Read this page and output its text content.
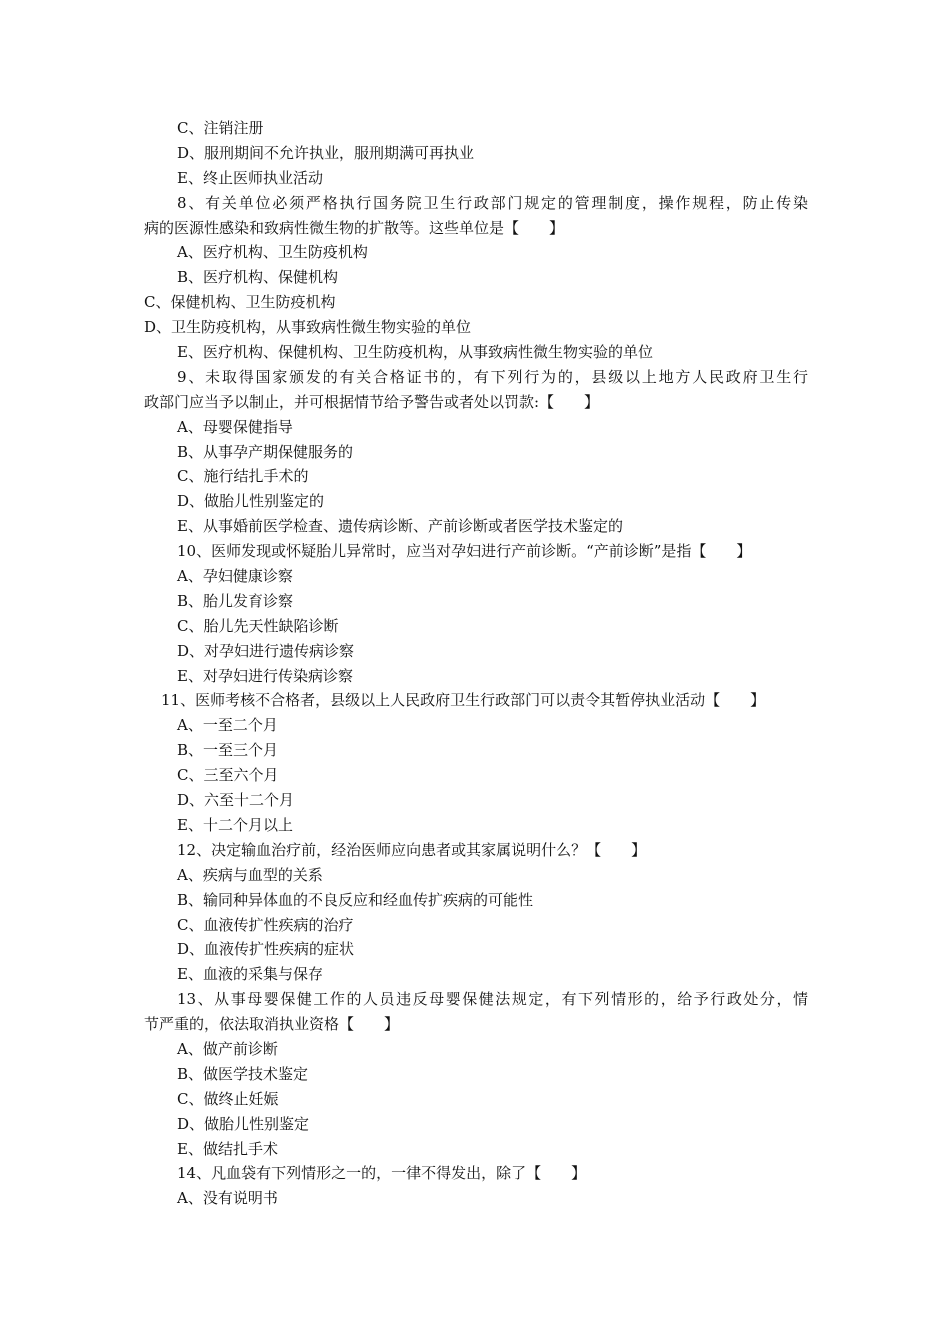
C、注销注册
D、服刑期间不允许执业，服刑期满可再执业
E、终止医师执业活动
8、有关单位必须严格执行国务院卫生行政部门规定的管理制度，操作规程，防止传染
病的医源性感染和致病性微生物的扩散等。这些单位是【　　】
A、医疗机构、卫生防疫机构
B、医疗机构、保健机构
C、保健机构、卫生防疫机构
D、卫生防疫机构，从事致病性微生物实验的单位
E、医疗机构、保健机构、卫生防疫机构，从事致病性微生物实验的单位
9、未取得国家颁发的有关合格证书的，有下列行为的，县级以上地方人民政府卫生行
政部门应当予以制止，并可根据情节给予警告或者处以罚款:【　　】
A、母婴保健指导
B、从事孕产期保健服务的
C、施行结扎手术的
D、做胎儿性别鉴定的
E、从事婚前医学检查、遗传病诊断、产前诊断或者医学技术鉴定的
10、医师发现或怀疑胎儿异常时，应当对孕妇进行产前诊断。“产前诊断”是指【　　】
A、孕妇健康诊察
B、胎儿发育诊察
C、胎儿先天性缺陷诊断
D、对孕妇进行遗传病诊察
E、对孕妇进行传染病诊察
11、医师考核不合格者，县级以上人民政府卫生行政部门可以责令其暂停执业活动【　　】
A、一至二个月
B、一至三个月
C、三至六个月
D、六至十二个月
E、十二个月以上
12、决定输血治疗前，经治医师应向患者或其家属说明什么？【　　】
A、疾病与血型的关系
B、输同种异体血的不良反应和经血传扩疾病的可能性
C、血液传扩性疾病的治疗
D、血液传扩性疾病的症状
E、血液的采集与保存
13、从事母婴保健工作的人员违反母婴保健法规定，有下列情形的，给予行政处分，情
节严重的，依法取消执业资格【　　】
A、做产前诊断
B、做医学技术鉴定
C、做终止妊娠
D、做胎儿性别鉴定
E、做结扎手术
14、凡血袋有下列情形之一的，一律不得发出，除了【　　】
A、没有说明书
